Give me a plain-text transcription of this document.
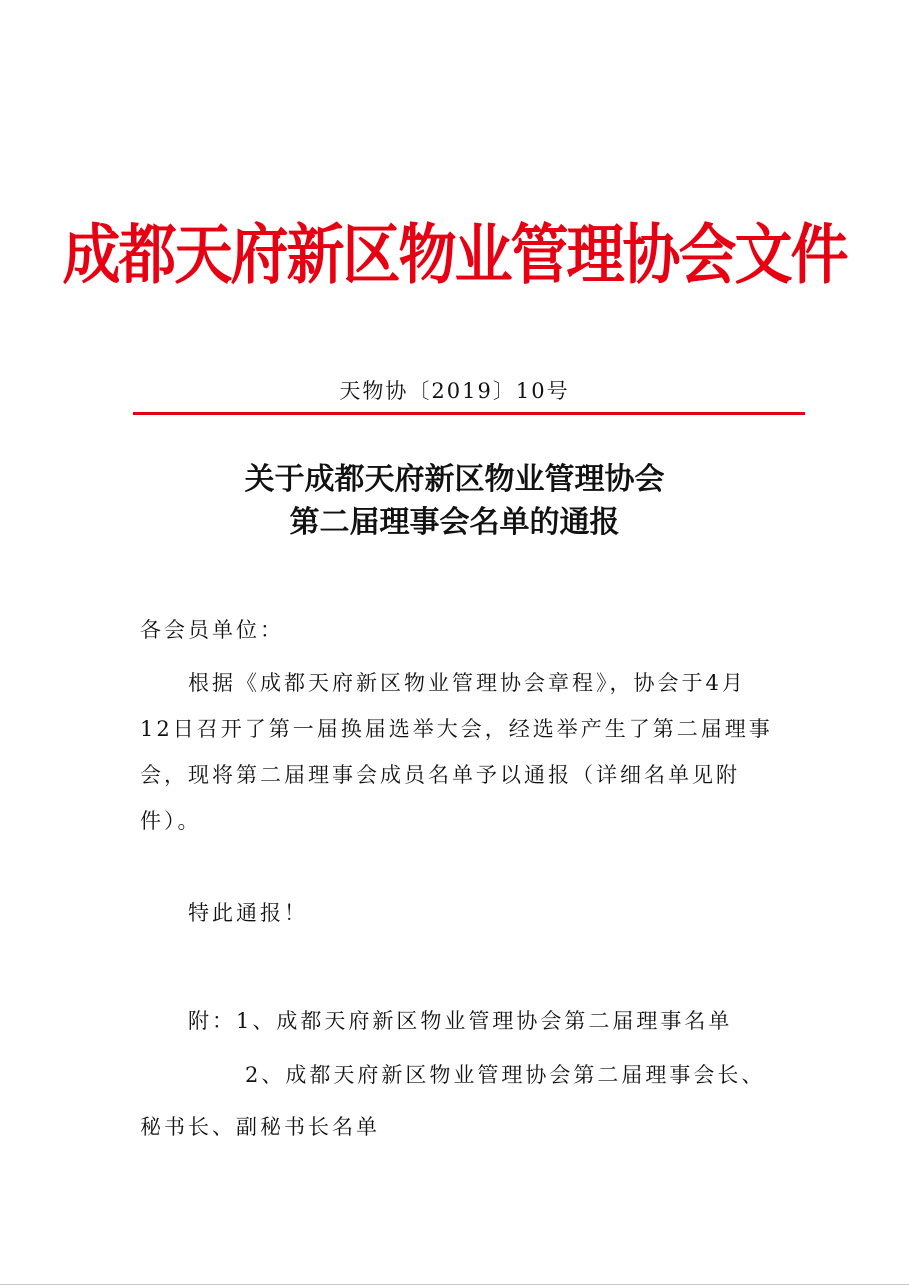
成都天府新区物业管理协会文件
天物协〔2019〕10号
关于成都天府新区物业管理协会
第二届理事会名单的通报
各会员单位：
根据《成都天府新区物业管理协会章程》，协会于4月
12日召开了第一届换届选举大会，经选举产生了第二届理事
会，现将第二届理事会成员名单予以通报（详细名单见附
件）。
特此通报！
附：1、成都天府新区物业管理协会第二届理事名单
2、成都天府新区物业管理协会第二届理事会长、
秘书长、副秘书长名单
